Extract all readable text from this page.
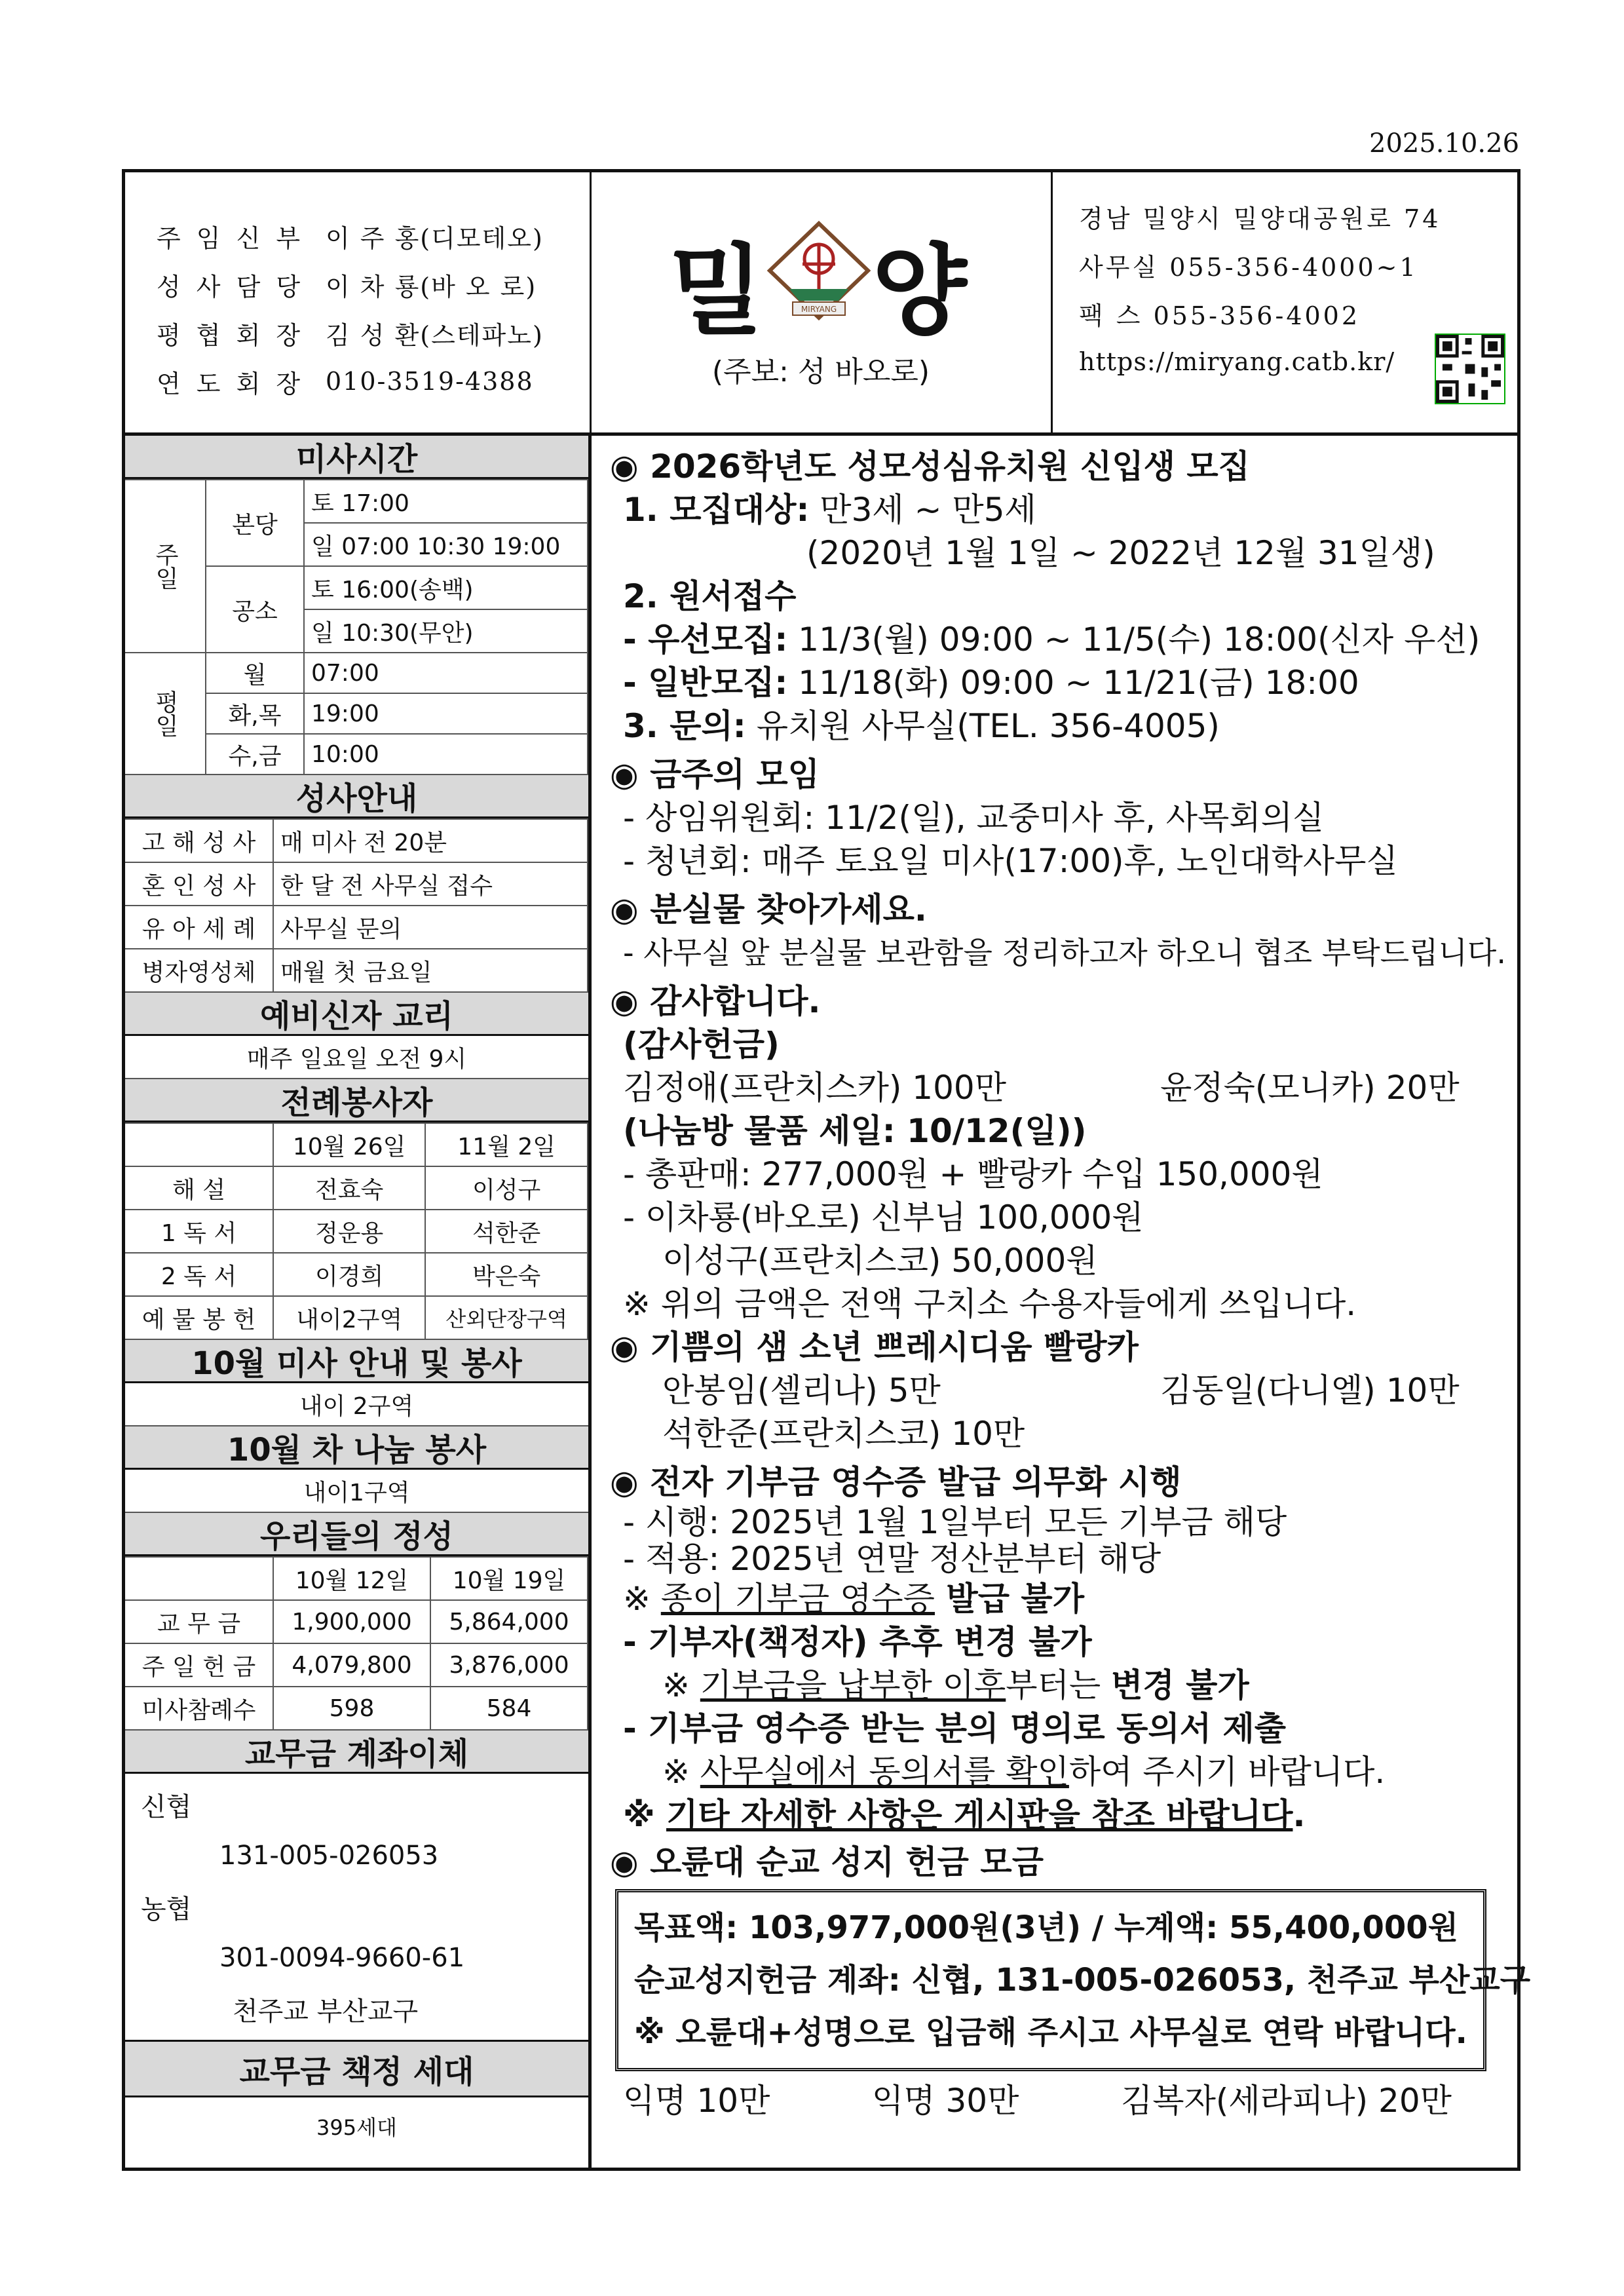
2025.10.26
주 임 신 부 이 주 홍(디모테오)
성 사 담 당 이 차 룡(바 오 로)
평 협 회 장 김 성 환(스테파노)
연 도 회 장 010-3519-4388
밀 양
MIRYANG
(주보: 성 바오로)
경남 밀양시 밀양대공원로 74
사무실 055-356-4000~1
팩 스 055-356-4002
https://miryang.catb.kr/
미사시간
주일	본당	토 17:00
		일 07:00 10:30 19:00
	공소	토 16:00(송백)
		일 10:30(무안)
평일	월	07:00
	화,목	19:00
	수,금	10:00
성사안내
고 해 성 사	매 미사 전 20분
혼 인 성 사	한 달 전 사무실 접수
유 아 세 례	사무실 문의
병자영성체	매월 첫 금요일
예비신자 교리
매주 일요일 오전 9시
전례봉사자
	10월 26일	11월 2일
해 설	전효숙	이성구
1 독 서	정운용	석한준
2 독 서	이경희	박은숙
예 물 봉 헌	내이2구역	산외단장구역
10월 미사 안내 및 봉사
내이 2구역
10월 차 나눔 봉사
내이1구역
우리들의 정성
	10월 12일	10월 19일
교 무 금	1,900,000	5,864,000
주 일 헌 금	4,079,800	3,876,000
미사참례수	598	584
교무금 계좌이체
신협
131-005-026053
농협
301-0094-9660-61
천주교 부산교구
교무금 책정 세대
395세대
◉ 2026학년도 성모성심유치원 신입생 모집
1. 모집대상: 만3세 ~ 만5세
(2020년 1월 1일 ~ 2022년 12월 31일생)
2. 원서접수
- 우선모집: 11/3(월) 09:00 ~ 11/5(수) 18:00(신자 우선)
- 일반모집: 11/18(화) 09:00 ~ 11/21(금) 18:00
3. 문의: 유치원 사무실(TEL. 356-4005)
◉ 금주의 모임
- 상임위원회: 11/2(일), 교중미사 후, 사목회의실
- 청년회: 매주 토요일 미사(17:00)후, 노인대학사무실
◉ 분실물 찾아가세요.
- 사무실 앞 분실물 보관함을 정리하고자 하오니 협조 부탁드립니다.
◉ 감사합니다.
(감사헌금)
김정애(프란치스카) 100만	윤정숙(모니카) 20만
(나눔방 물품 세일: 10/12(일))
- 총판매: 277,000원 + 빨랑카 수입 150,000원
- 이차룡(바오로) 신부님 100,000원
이성구(프란치스코) 50,000원
※ 위의 금액은 전액 구치소 수용자들에게 쓰입니다.
◉ 기쁨의 샘 소년 쁘레시디움 빨랑카
안봉임(셀리나) 5만	김동일(다니엘) 10만
석한준(프란치스코) 10만
◉ 전자 기부금 영수증 발급 의무화 시행
- 시행: 2025년 1월 1일부터 모든 기부금 해당
- 적용: 2025년 연말 정산분부터 해당
※ 종이 기부금 영수증 발급 불가
- 기부자(책정자) 추후 변경 불가
※ 기부금을 납부한 이후부터는 변경 불가
- 기부금 영수증 받는 분의 명의로 동의서 제출
※ 사무실에서 동의서를 확인하여 주시기 바랍니다.
※ 기타 자세한 사항은 게시판을 참조 바랍니다.
◉ 오륜대 순교 성지 헌금 모금
목표액: 103,977,000원(3년) / 누계액: 55,400,000원
순교성지헌금 계좌: 신협, 131-005-026053, 천주교 부산교구
※ 오륜대+성명으로 입금해 주시고 사무실로 연락 바랍니다.
익명 10만	익명 30만	김복자(세라피나) 20만
